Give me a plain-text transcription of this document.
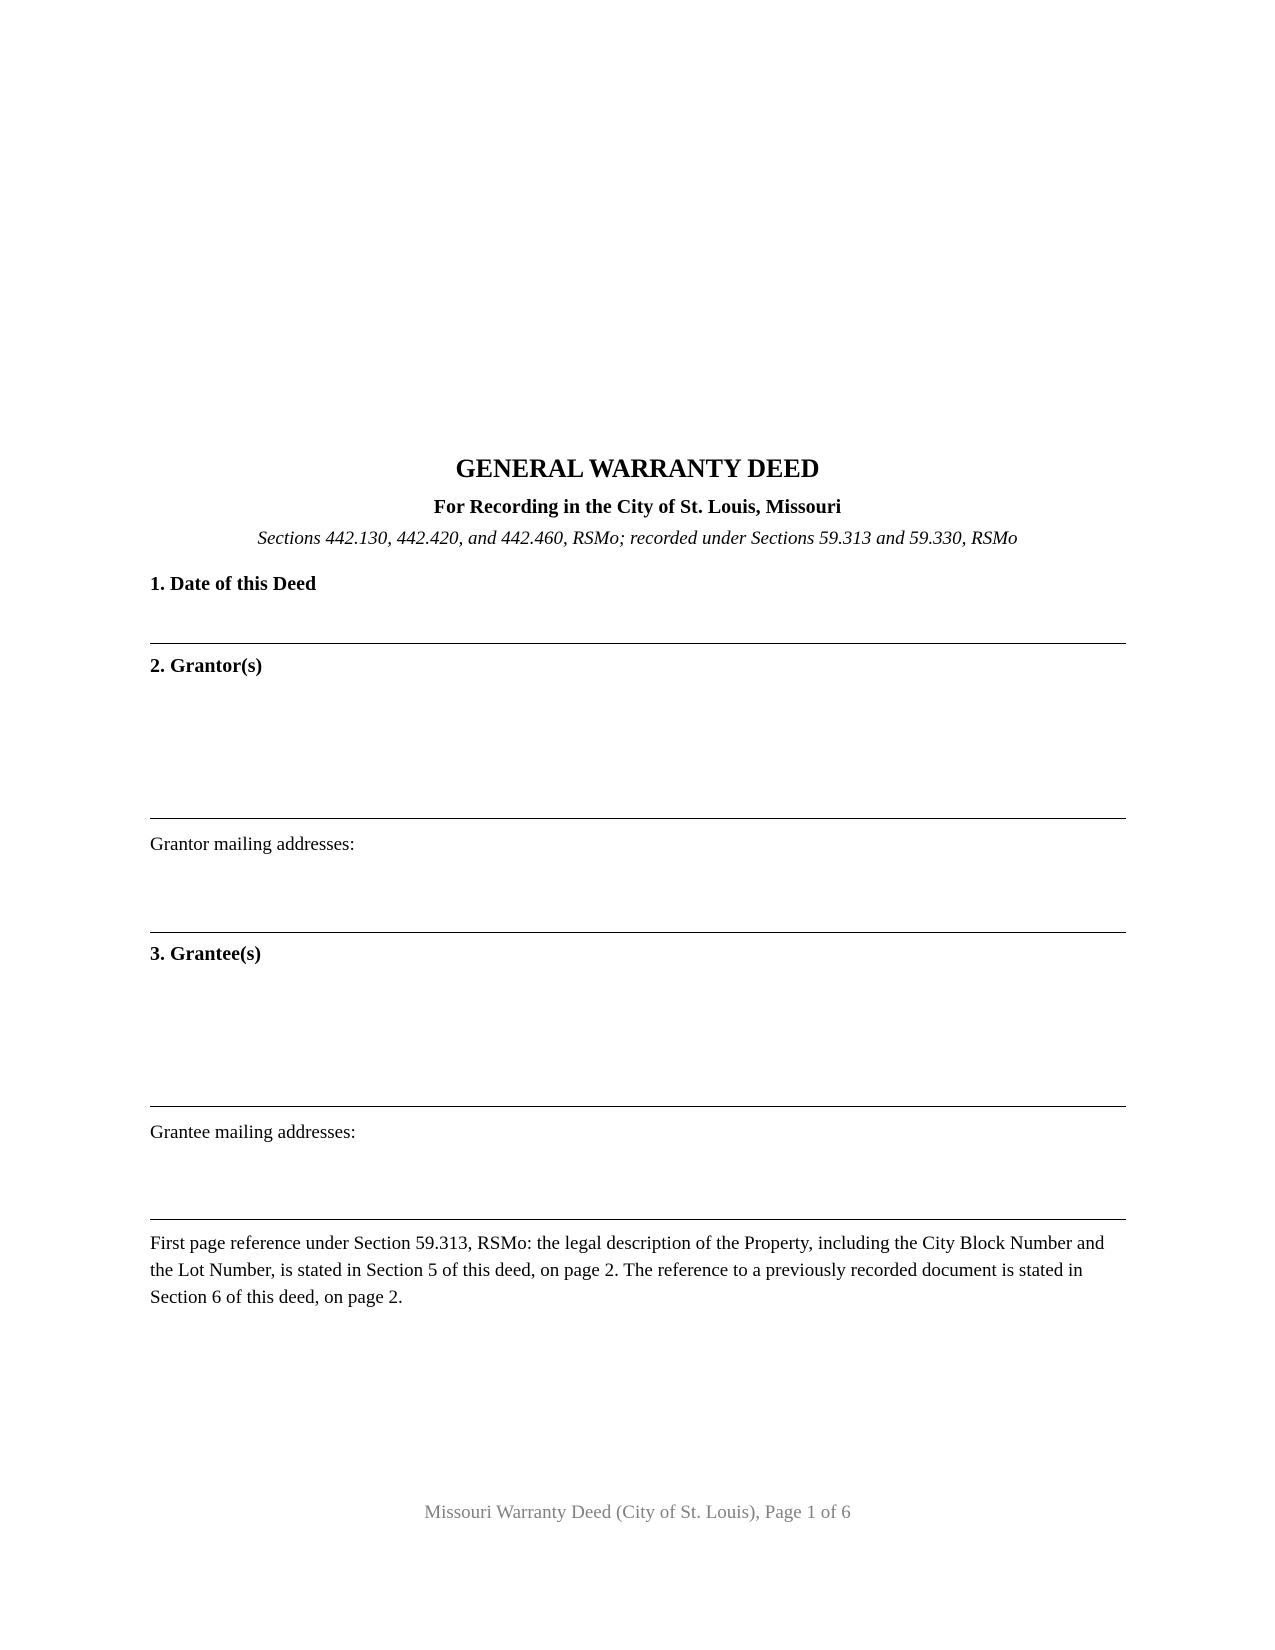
GENERAL WARRANTY DEED
For Recording in the City of St. Louis, Missouri
Sections 442.130, 442.420, and 442.460, RSMo; recorded under Sections 59.313 and 59.330, RSMo
1. Date of this Deed
2. Grantor(s)
Grantor mailing addresses:
3. Grantee(s)
Grantee mailing addresses:

First page reference under Section 59.313, RSMo: the legal description of the Property, including the City Block Number and the Lot Number, is stated in Section 5 of this deed, on page 2. The reference to a previously recorded document is stated in Section 6 of this deed, on page 2.

Missouri Warranty Deed (City of St. Louis), Page 1 of 6
